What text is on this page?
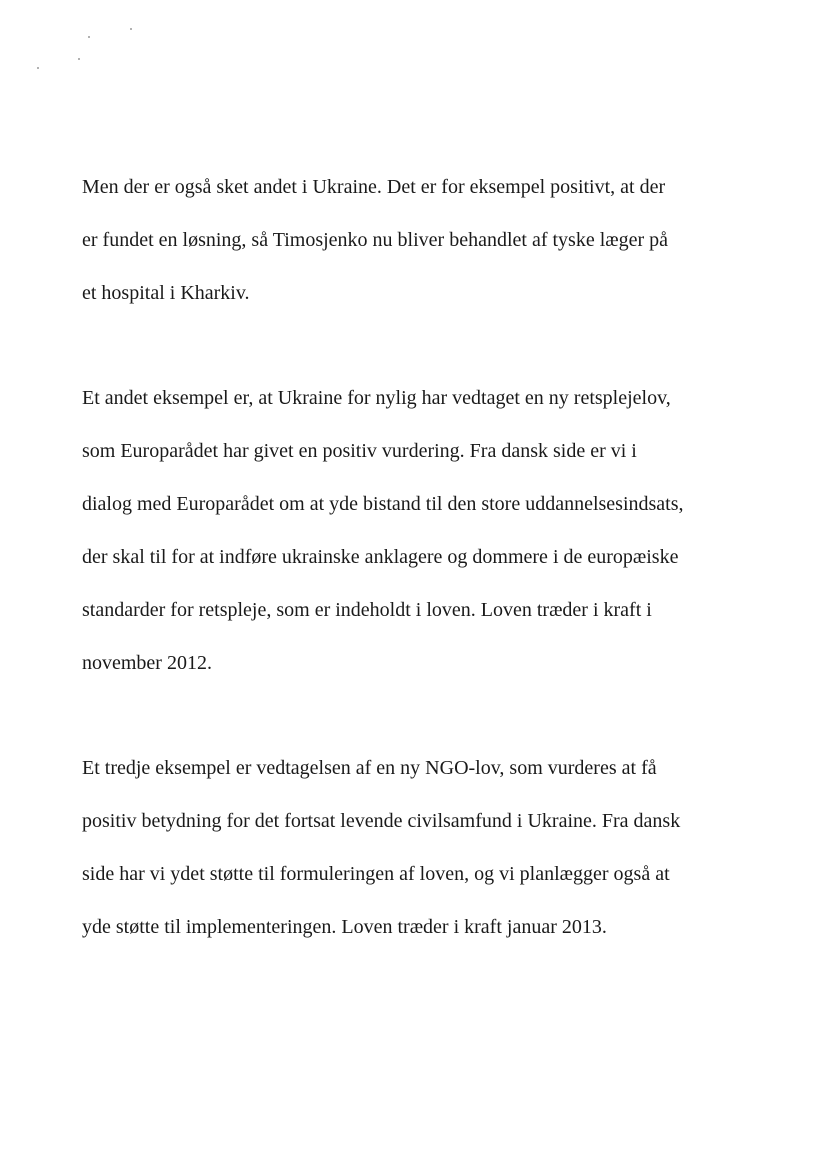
Men der er også sket andet i Ukraine. Det er for eksempel positivt, at der
er fundet en løsning, så Timosjenko nu bliver behandlet af tyske læger på
et hospital i Kharkiv.
Et andet eksempel er, at Ukraine for nylig har vedtaget en ny retsplejelov,
som Europarådet har givet en positiv vurdering. Fra dansk side er vi i
dialog med Europarådet om at yde bistand til den store uddannelsesindsats,
der skal til for at indføre ukrainske anklagere og dommere i de europæiske
standarder for retspleje, som er indeholdt i loven. Loven træder i kraft i
november 2012.
Et tredje eksempel er vedtagelsen af en ny NGO-lov, som vurderes at få
positiv betydning for det fortsat levende civilsamfund i Ukraine. Fra dansk
side har vi ydet støtte til formuleringen af loven, og vi planlægger også at
yde støtte til implementeringen. Loven træder i kraft januar 2013.
